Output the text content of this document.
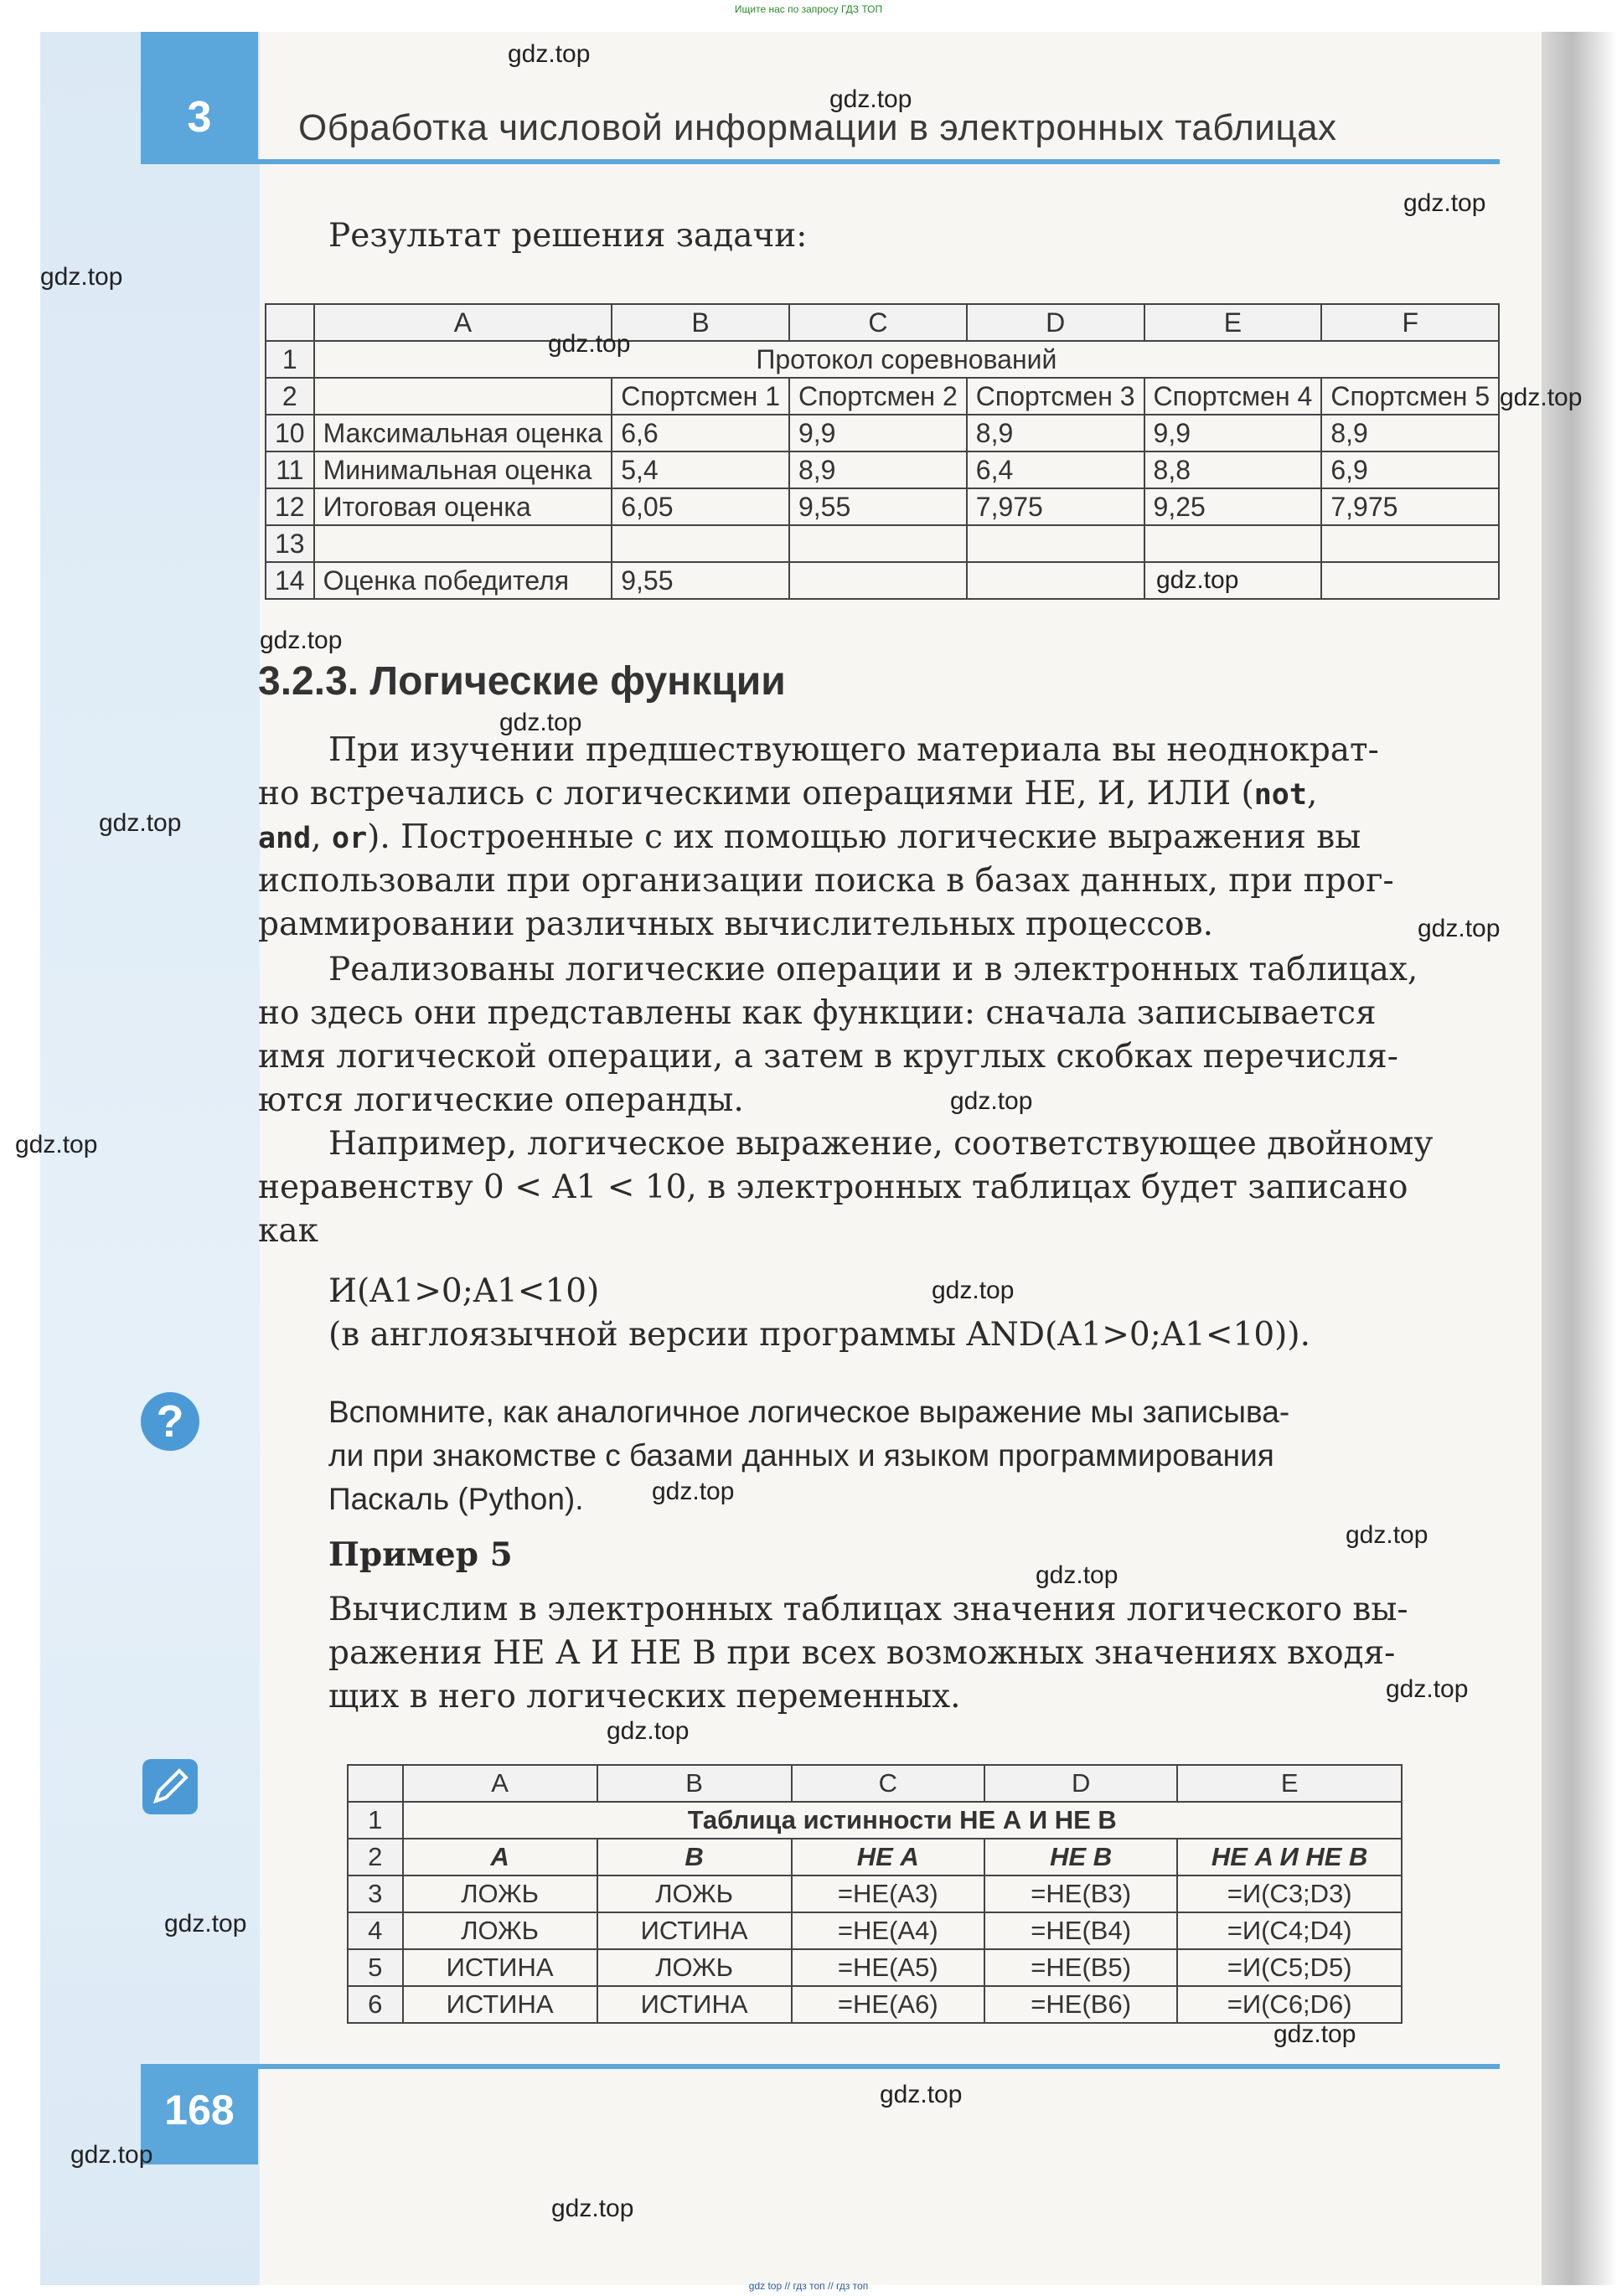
Ищите нас по запросу ГДЗ ТОП
gdz top // гдз топ // гдз топ
3	Обработка числовой информации в электронных таблицах
Результат решения задачи:
	A	B	C	D	E	F
1	Протокол соревнований					
2		Спортсмен 1	Спортсмен 2	Спортсмен 3	Спортсмен 4	Спортсмен 5
10	Максимальная оценка	6,6	9,9	8,9	9,9	8,9
11	Минимальная оценка	5,4	8,9	6,4	8,8	6,9
12	Итоговая оценка	6,05	9,55	7,975	9,25	7,975
13						
14	Оценка победителя	9,55				
3.2.3. Логические функции
При изучении предшествующего материала вы неоднократ-
но встречались с логическими операциями НЕ, И, ИЛИ (not,
and, or). Построенные с их помощью логические выражения вы
использовали при организации поиска в базах данных, при прог-
раммировании различных вычислительных процессов.
Реализованы логические операции и в электронных таблицах,
но здесь они представлены как функции: сначала записывается
имя логической операции, а затем в круглых скобках перечисля-
ются логические операнды.
Например, логическое выражение, соответствующее двойному
неравенству 0 < A1 < 10, в электронных таблицах будет записано
как
И(A1>0;A1<10)
(в англоязычной версии программы AND(A1>0;A1<10)).
?	Вспомните, как аналогичное логическое выражение мы записыва-
ли при знакомстве с базами данных и языком программирования
Паскаль (Python).
Пример 5
Вычислим в электронных таблицах значения логического вы-
ражения НЕ А И НЕ В при всех возможных значениях входя-
щих в него логических переменных.
	A	B	C	D	E
1	Таблица истинности НЕ А И НЕ В				
2	A	B	НЕ A	НЕ B	НЕ A И НЕ B
3	ЛОЖЬ	ЛОЖЬ	=НЕ(A3)	=НЕ(B3)	=И(C3;D3)
4	ЛОЖЬ	ИСТИНА	=НЕ(A4)	=НЕ(B4)	=И(C4;D4)
5	ИСТИНА	ЛОЖЬ	=НЕ(A5)	=НЕ(B5)	=И(C5;D5)
6	ИСТИНА	ИСТИНА	=НЕ(A6)	=НЕ(B6)	=И(C6;D6)
168
gdz.top
gdz.top
gdz.top
gdz.top
gdz.top
gdz.top
gdz.top
gdz.top
gdz.top
gdz.top
gdz.top
gdz.top
gdz.top
gdz.top
gdz.top
gdz.top
gdz.top
gdz.top
gdz.top
gdz.top
gdz.top
gdz.top
gdz.top
gdz.top
